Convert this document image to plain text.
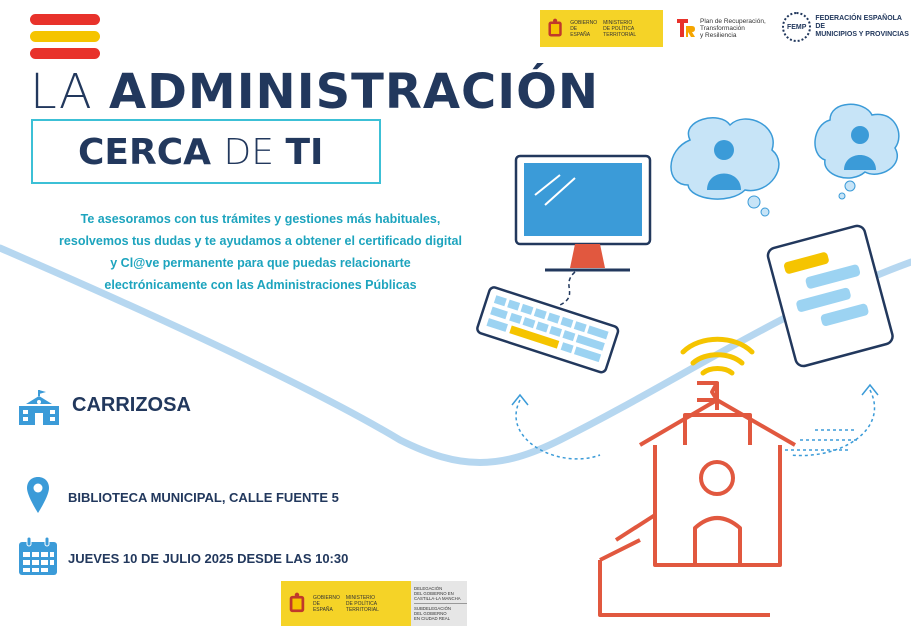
GOBIERNO
DE ESPAÑA
MINISTERIO
DE POLÍTICA TERRITORIAL
Plan de Recuperación,
Transformación
y Resiliencia
FEMP
FEDERACIÓN ESPAÑOLA DE
MUNICIPIOS Y PROVINCIAS
LA ADMINISTRACIÓN
CERCA DE TI
Te asesoramos con tus trámites y gestiones más habituales, resolvemos tus dudas y te ayudamos a obtener el certificado digital y Cl@ve permanente para que puedas relacionarte electrónicamente con las Administraciones Públicas
CARRIZOSA
BIBLIOTECA MUNICIPAL, CALLE FUENTE 5
JUEVES 10 DE JULIO 2025 DESDE LAS 10:30
GOBIERNO
DE ESPAÑA
MINISTERIO
DE POLÍTICA TERRITORIAL
DELEGACIÓN
DEL GOBIERNO EN
CASTILLA-LA MANCHA
SUBDELEGACIÓN
DEL GOBIERNO
EN CIUDAD REAL
